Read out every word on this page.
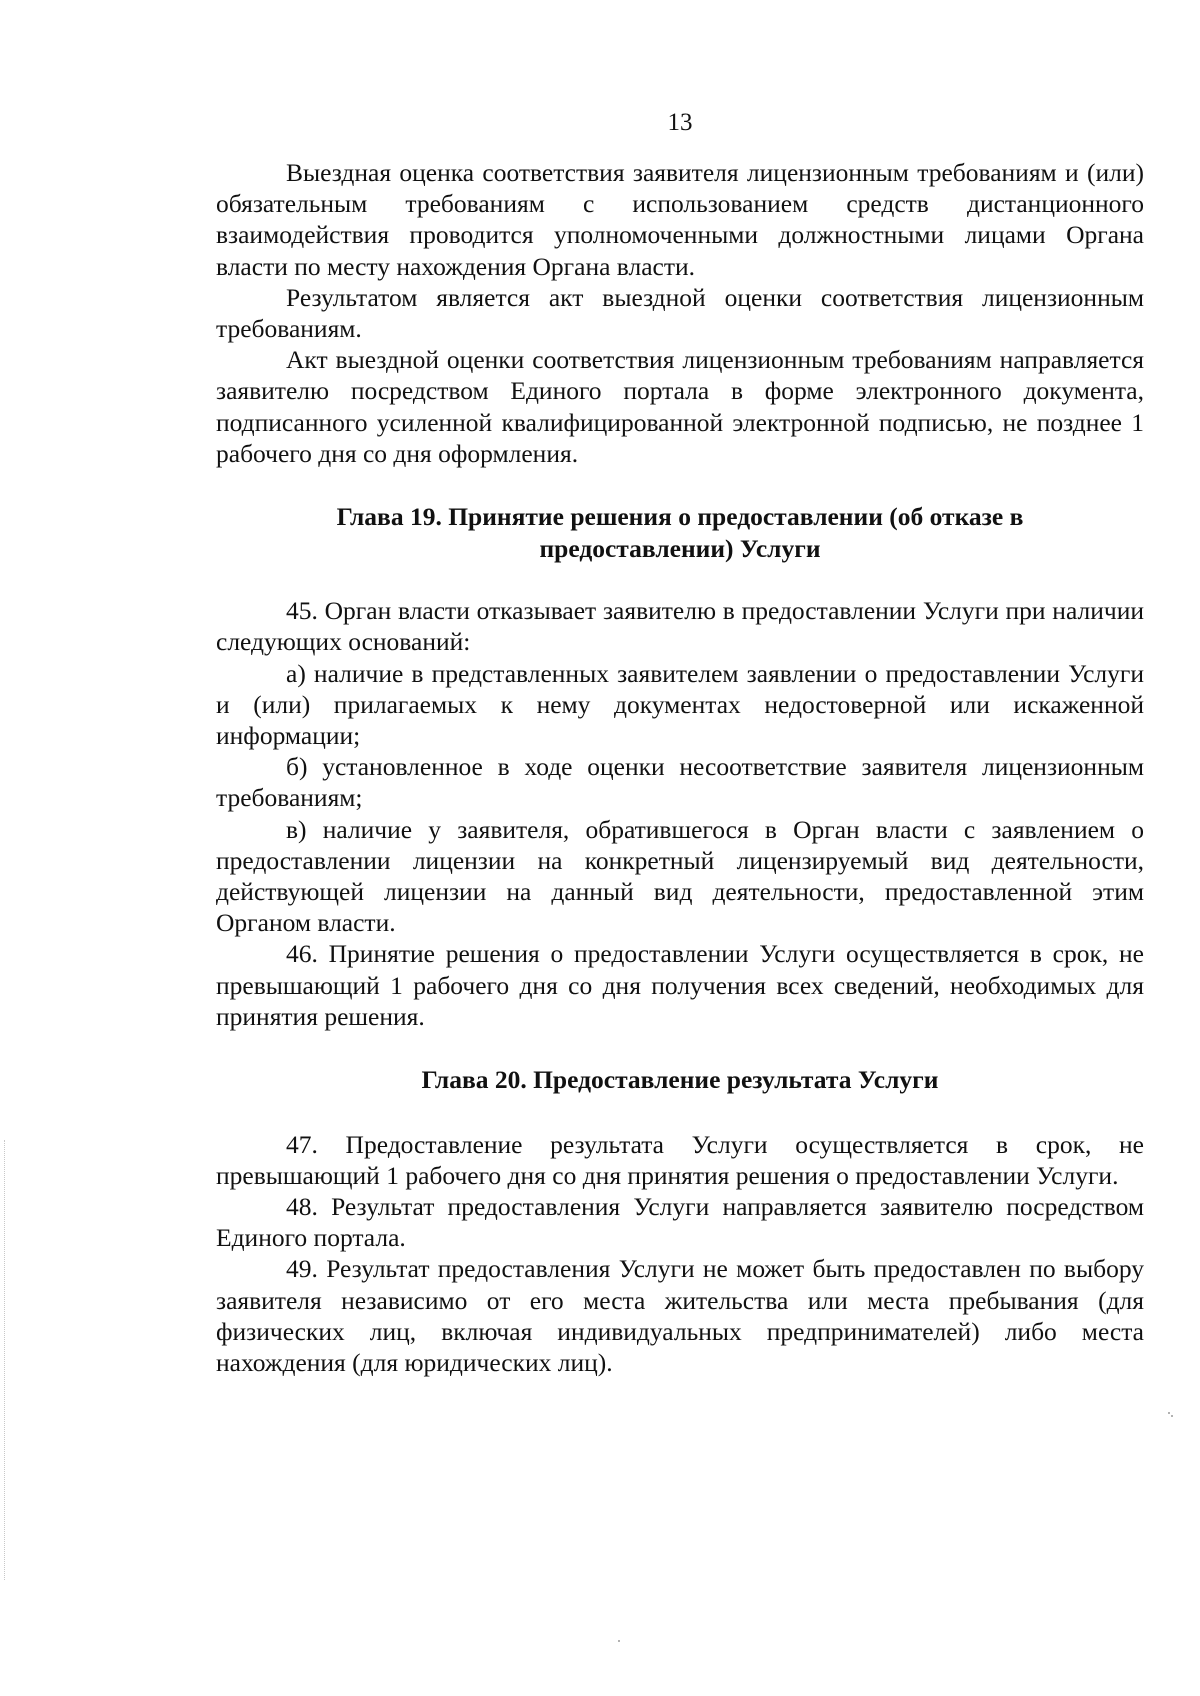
13

Выездная оценка соответствия заявителя лицензионным требованиям и (или) обязательным требованиям с использованием средств дистанционного взаимодействия проводится уполномоченными должностными лицами Органа власти по месту нахождения Органа власти.

Результатом является акт выездной оценки соответствия лицензионным требованиям.

Акт выездной оценки соответствия лицензионным требованиям направляется заявителю посредством Единого портала в форме электронного документа, подписанного усиленной квалифицированной электронной подписью, не позднее 1 рабочего дня со дня оформления.

Глава 19. Принятие решения о предоставлении (об отказе в
предоставлении) Услуги

45. Орган власти отказывает заявителю в предоставлении Услуги при наличии следующих оснований:

а) наличие в представленных заявителем заявлении о предоставлении Услуги и (или) прилагаемых к нему документах недостоверной или искаженной информации;

б) установленное в ходе оценки несоответствие заявителя лицензионным требованиям;

в) наличие у заявителя, обратившегося в Орган власти с заявлением о предоставлении лицензии на конкретный лицензируемый вид деятельности, действующей лицензии на данный вид деятельности, предоставленной этим Органом власти.

46. Принятие решения о предоставлении Услуги осуществляется в срок, не превышающий 1 рабочего дня со дня получения всех сведений, необходимых для принятия решения.

Глава 20. Предоставление результата Услуги

47. Предоставление результата Услуги осуществляется в срок, не превышающий 1 рабочего дня со дня принятия решения о предоставлении Услуги.

48. Результат предоставления Услуги направляется заявителю посредством Единого портала.

49. Результат предоставления Услуги не может быть предоставлен по выбору заявителя независимо от его места жительства или места пребывания (для физических лиц, включая индивидуальных предпринимателей) либо места нахождения (для юридических лиц).
